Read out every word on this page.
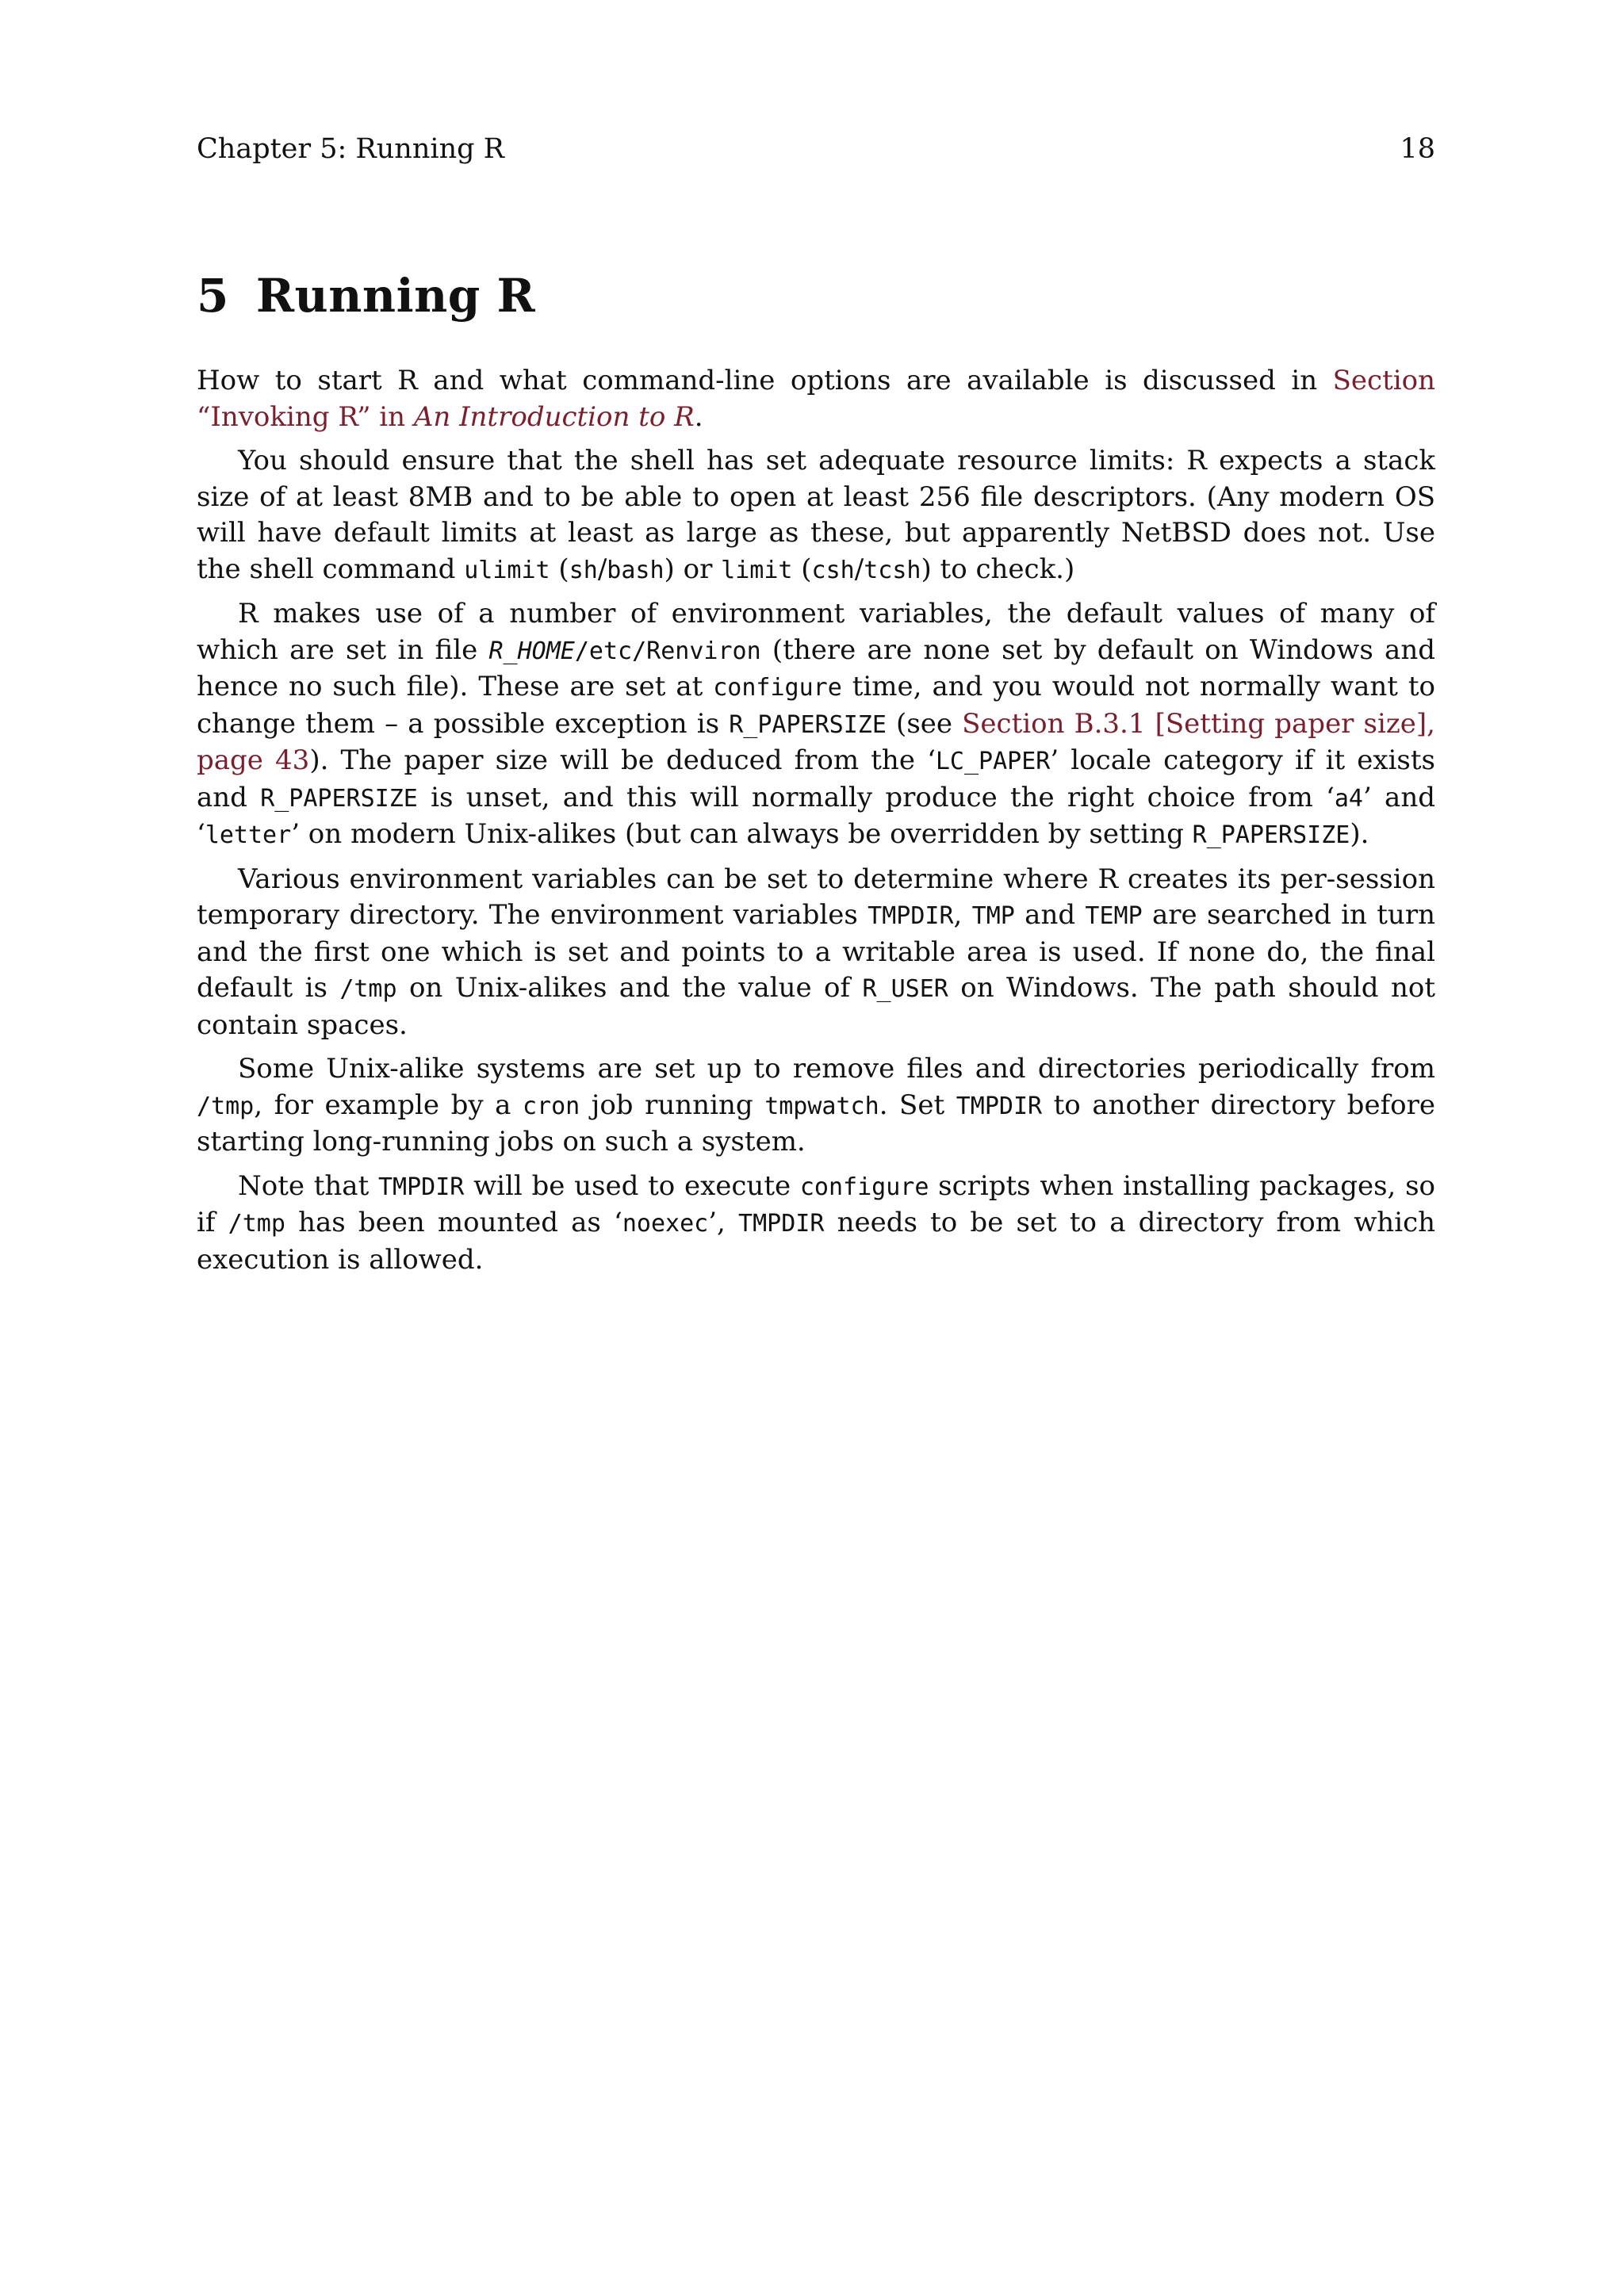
Chapter 5: Running R	18
5 Running R

How to start R and what command-line options are available is discussed in Section “Invoking R” in An Introduction to R.

You should ensure that the shell has set adequate resource limits: R expects a stack size of at least 8MB and to be able to open at least 256 file descriptors. (Any modern OS will have default limits at least as large as these, but apparently NetBSD does not. Use the shell command ulimit (sh/bash) or limit (csh/tcsh) to check.)

R makes use of a number of environment variables, the default values of many of which are set in file R_HOME/etc/Renviron (there are none set by default on Windows and hence no such file). These are set at configure time, and you would not normally want to change them – a possible exception is R_PAPERSIZE (see Section B.3.1 [Setting paper size], page 43). The paper size will be deduced from the ‘LC_PAPER’ locale category if it exists and R_PAPERSIZE is unset, and this will normally produce the right choice from ‘a4’ and ‘letter’ on modern Unix-alikes (but can always be overridden by setting R_PAPERSIZE).

Various environment variables can be set to determine where R creates its per-session temporary directory. The environment variables TMPDIR, TMP and TEMP are searched in turn and the first one which is set and points to a writable area is used. If none do, the final default is /tmp on Unix-alikes and the value of R_USER on Windows. The path should not contain spaces.

Some Unix-alike systems are set up to remove files and directories periodically from /tmp, for example by a cron job running tmpwatch. Set TMPDIR to another directory before starting long-running jobs on such a system.

Note that TMPDIR will be used to execute configure scripts when installing packages, so if /tmp has been mounted as ‘noexec’, TMPDIR needs to be set to a directory from which execution is allowed.
